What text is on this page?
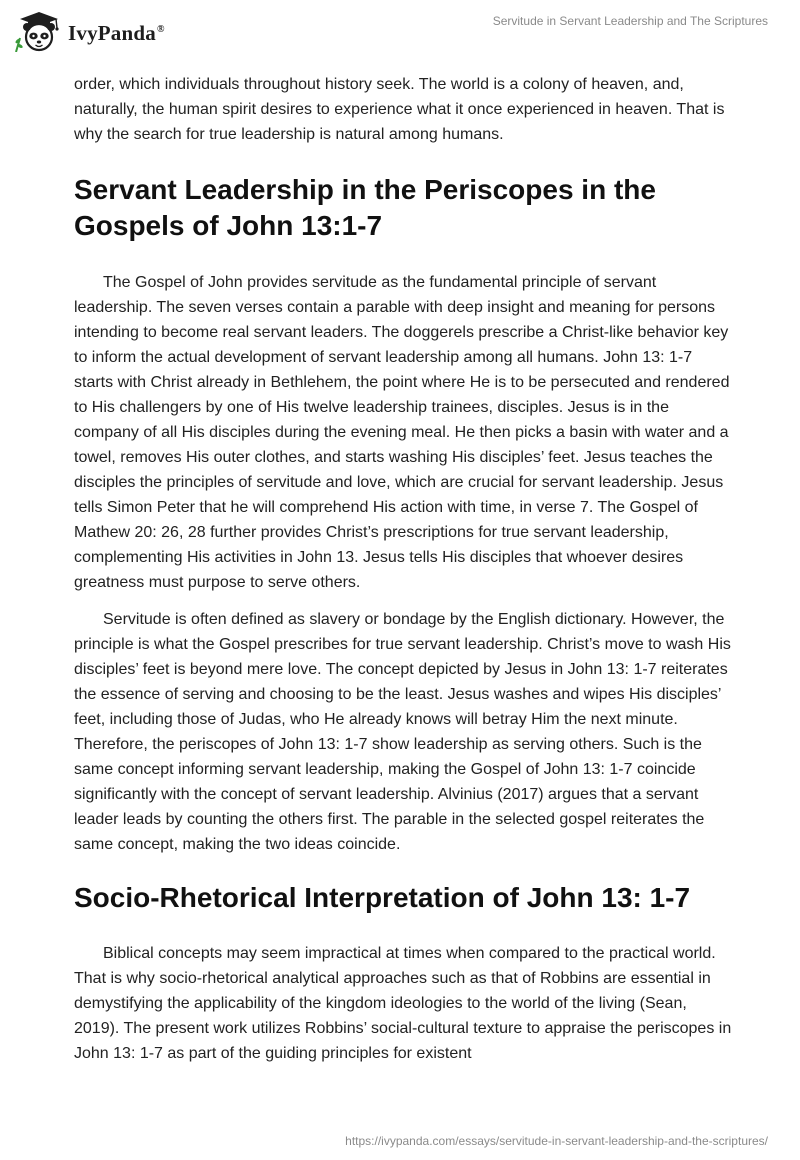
IvyPanda®
Servitude in Servant Leadership and The Scriptures

order, which individuals throughout history seek. The world is a colony of heaven, and, naturally, the human spirit desires to experience what it once experienced in heaven. That is why the search for true leadership is natural among humans.

Servant Leadership in the Periscopes in the Gospels of John 13:1-7

The Gospel of John provides servitude as the fundamental principle of servant leadership. The seven verses contain a parable with deep insight and meaning for persons intending to become real servant leaders. The doggerels prescribe a Christ-like behavior key to inform the actual development of servant leadership among all humans. John 13: 1-7 starts with Christ already in Bethlehem, the point where He is to be persecuted and rendered to His challengers by one of His twelve leadership trainees, disciples. Jesus is in the company of all His disciples during the evening meal. He then picks a basin with water and a towel, removes His outer clothes, and starts washing His disciples’ feet. Jesus teaches the disciples the principles of servitude and love, which are crucial for servant leadership. Jesus tells Simon Peter that he will comprehend His action with time, in verse 7. The Gospel of Mathew 20: 26, 28 further provides Christ’s prescriptions for true servant leadership, complementing His activities in John 13. Jesus tells His disciples that whoever desires greatness must purpose to serve others.

Servitude is often defined as slavery or bondage by the English dictionary. However, the principle is what the Gospel prescribes for true servant leadership. Christ’s move to wash His disciples’ feet is beyond mere love. The concept depicted by Jesus in John 13: 1-7 reiterates the essence of serving and choosing to be the least. Jesus washes and wipes His disciples’ feet, including those of Judas, who He already knows will betray Him the next minute. Therefore, the periscopes of John 13: 1-7 show leadership as serving others. Such is the same concept informing servant leadership, making the Gospel of John 13: 1-7 coincide significantly with the concept of servant leadership. Alvinius (2017) argues that a servant leader leads by counting the others first. The parable in the selected gospel reiterates the same concept, making the two ideas coincide.

Socio-Rhetorical Interpretation of John 13: 1-7

Biblical concepts may seem impractical at times when compared to the practical world. That is why socio-rhetorical analytical approaches such as that of Robbins are essential in demystifying the applicability of the kingdom ideologies to the world of the living (Sean, 2019). The present work utilizes Robbins’ social-cultural texture to appraise the periscopes in John 13: 1-7 as part of the guiding principles for existent

https://ivypanda.com/essays/servitude-in-servant-leadership-and-the-scriptures/
